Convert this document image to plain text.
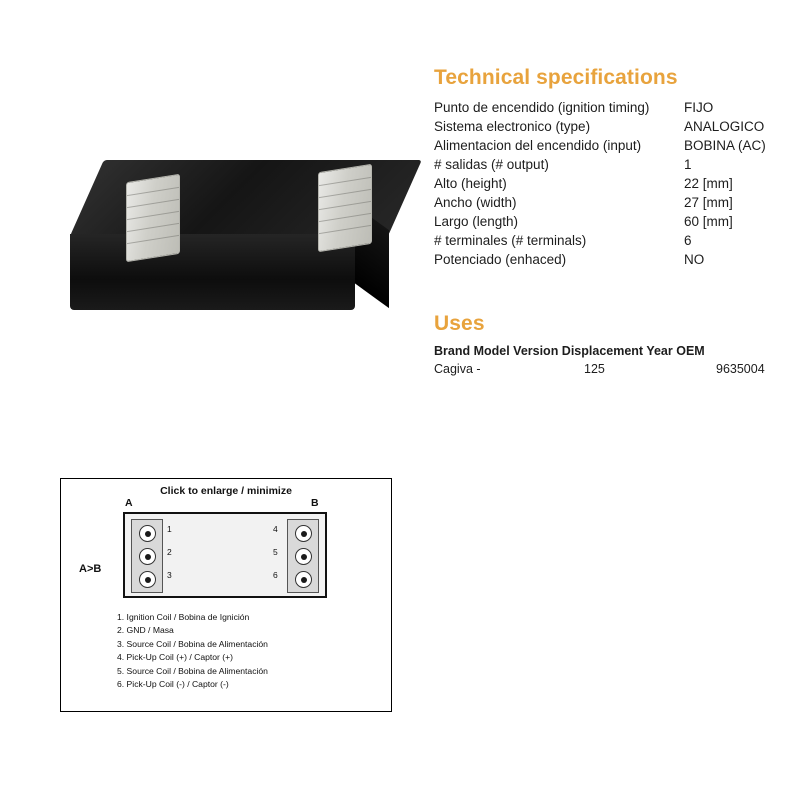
Technical specifications
Punto de encendido (ignition timing)	FIJO
Sistema electronico (type)	ANALOGICO
Alimentacion del encendido (input)	BOBINA (AC)
# salidas (# output)	1
Alto (height)	22 [mm]
Ancho (width)	27 [mm]
Largo (length)	60 [mm]
# terminales (# terminals)	6
Potenciado (enhaced)	NO
Uses
Brand Model Version Displacement Year OEM
Cagiva -	125	9635004
Click to enlarge / minimize
A	B
A>B
1
2
3
4
5
6
1. Ignition Coil / Bobina de Ignición
2. GND / Masa
3. Source Coil / Bobina de Alimentación
4. Pick-Up Coil (+) / Captor (+)
5. Source Coil / Bobina de Alimentación
6. Pick-Up Coil (-) / Captor (-)
